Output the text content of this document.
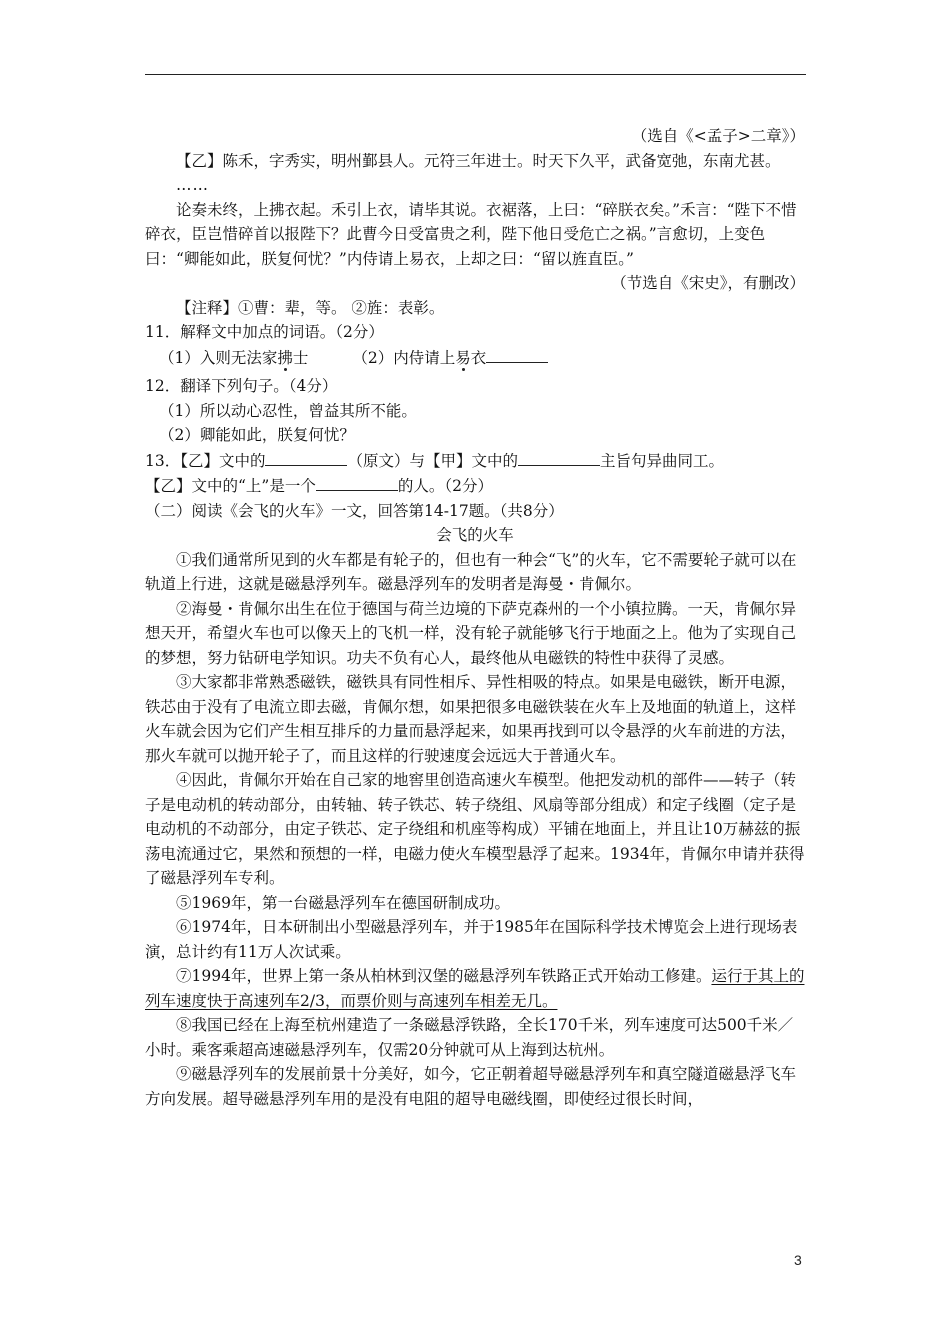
（选自《<孟子>二章》）

【乙】陈禾，字秀实，明州鄞县人。元符三年进士。时天下久平，武备宽弛，东南尤甚。

……

论奏未终，上拂衣起。禾引上衣，请毕其说。衣裾落，上曰：“碎朕衣矣。”禾言：“陛下不惜碎衣，臣岂惜碎首以报陛下？此曹今日受富贵之利，陛下他日受危亡之祸。”言愈切，上变色曰：“卿能如此，朕复何忧？”内侍请上易衣，上却之曰：“留以旌直臣。”

（节选自《宋史》，有删改）

【注释】①曹：辈，等。 ②旌：表彰。

11．解释文中加点的词语。（2分）

（1）入则无法家拂士	（2）内侍请上易衣

12．翻译下列句子。（4分）

（1）所以动心忍性，曾益其所不能。

（2）卿能如此，朕复何忧？

13．【乙】文中的	（原文）与【甲】文中的	主旨句异曲同工。

【乙】文中的“上”是一个	的人。（2分）

（二）阅读《会飞的火车》一文，回答第14-17题。（共8分）

会飞的火车

①我们通常所见到的火车都是有轮子的，但也有一种会“飞”的火车，它不需要轮子就可以在轨道上行进，这就是磁悬浮列车。磁悬浮列车的发明者是海曼・肯佩尔。

②海曼・肯佩尔出生在位于德国与荷兰边境的下萨克森州的一个小镇拉腾。一天，肯佩尔异想天开，希望火车也可以像天上的飞机一样，没有轮子就能够飞行于地面之上。他为了实现自己的梦想，努力钻研电学知识。功夫不负有心人，最终他从电磁铁的特性中获得了灵感。

③大家都非常熟悉磁铁，磁铁具有同性相斥、异性相吸的特点。如果是电磁铁，断开电源，铁芯由于没有了电流立即去磁，肯佩尔想，如果把很多电磁铁装在火车上及地面的轨道上，这样火车就会因为它们产生相互排斥的力量而悬浮起来，如果再找到可以令悬浮的火车前进的方法，那火车就可以抛开轮子了，而且这样的行驶速度会远远大于普通火车。

④因此，肯佩尔开始在自己家的地窖里创造高速火车模型。他把发动机的部件——转子（转子是电动机的转动部分，由转轴、转子铁芯、转子绕组、风扇等部分组成）和定子线圈（定子是电动机的不动部分，由定子铁芯、定子绕组和机座等构成）平铺在地面上，并且让10万赫兹的振荡电流通过它，果然和预想的一样，电磁力使火车模型悬浮了起来。1934年，肯佩尔申请并获得了磁悬浮列车专利。

⑤1969年，第一台磁悬浮列车在德国研制成功。

⑥1974年，日本研制出小型磁悬浮列车，并于1985年在国际科学技术博览会上进行现场表演，总计约有11万人次试乘。

⑦1994年，世界上第一条从柏林到汉堡的磁悬浮列车铁路正式开始动工修建。运行于其上的列车速度快于高速列车2/3，而票价则与高速列车相差无几。

⑧我国已经在上海至杭州建造了一条磁悬浮铁路，全长170千米，列车速度可达500千米／小时。乘客乘超高速磁悬浮列车，仅需20分钟就可从上海到达杭州。

⑨磁悬浮列车的发展前景十分美好，如今，它正朝着超导磁悬浮列车和真空隧道磁悬浮飞车方向发展。超导磁悬浮列车用的是没有电阻的超导电磁线圈，即使经过很长时间，

3
